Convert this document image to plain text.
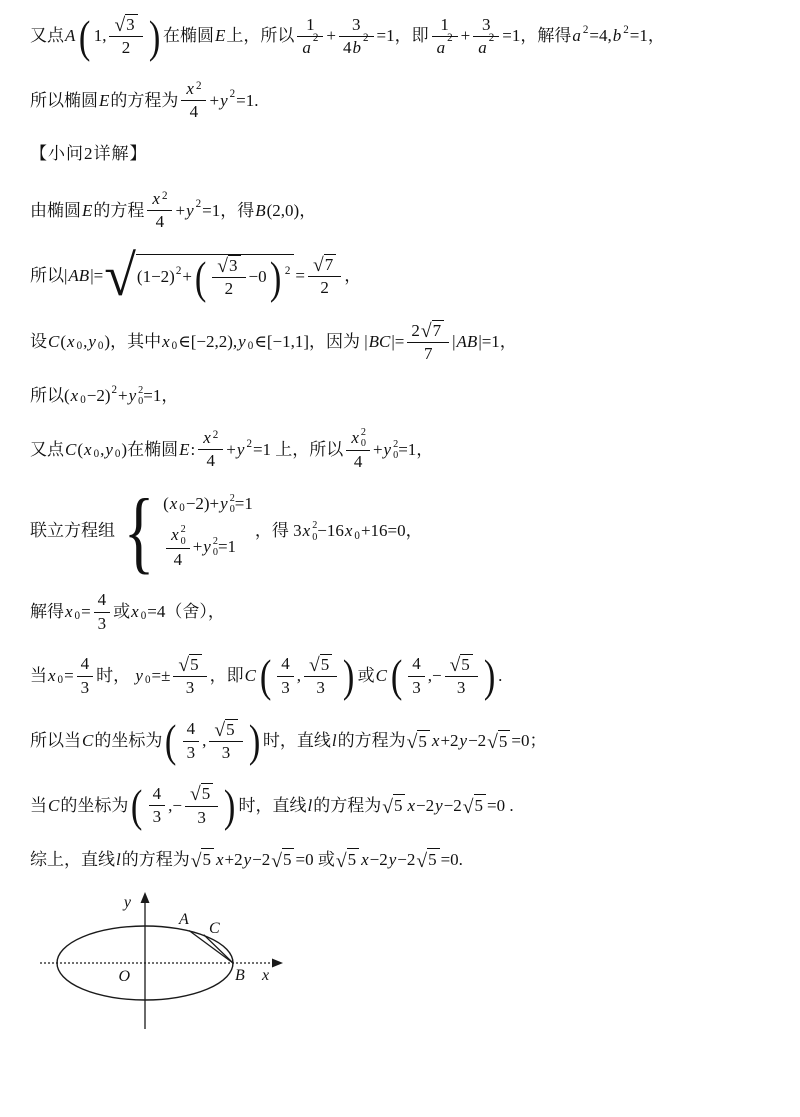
又点 A ( 1, $\frac{√ 3}{2}$ ) 在椭圆 E 上，所以 1
a
2 + 3
4 b
2 =1，即 1
a
2 + 3
a
2 =1，解得 a 2 =4, b 2 =1，
所以椭圆 E 的方程为 $\frac{x 2}{4} + y$ 2 =1.
【小问2详解】
由椭圆 E 的方程 $\frac{x 2}{4} + y$ 2 =1，得 B (2,0)，
所以 | AB |= √ (1−2) 2 + ( $\frac{√ 3}{2} -0$ ) $2 = \frac{√ 7}{2}$ ，
设 C ( x 0 , y 0 )，其中 x 0 ∈[−2,2), y 0 ∈[−1,1]，因为 | BC |= $\frac{2 √ 7}{7}$ | AB |=1，
所以 ( x 0 −2) 2 + y 2
0 =1，
又点 C ( x 0 , y 0 )在椭圆 E : $\frac{x 2}{4} + y$ 2 =1 上，所以 x 2
0
4 + y 2
0 =1，
联立方程组 { ( x 0 −2)+ y 2
0 =1
x 2
0
4 + y 2
0 =1
，得 3 x 2
0 −16 x 0 +16=0，
解得 x $0 = \frac{4}{3}$ 或 x 0 =4（舍），
当 x $0 = \frac{4}{3}$ 时， y $0 =\pm \frac{√ 5}{3}$ ，即 C ( $\frac{4}{3}$ , $\frac{√ 5}{3}$ ) 或 C ( $\frac{4}{3}$ ,− $\frac{√ 5}{3}$ ) .
所以当 C 的坐标为 ( $\frac{4}{3}$ , $\frac{√ 5}{3}$ ) 时，直线 l 的方程为 √ 5 x +2 y −2 √ 5 =0；
当 C 的坐标为 ( $\frac{4}{3}$ ,− $\frac{√ 5}{3}$ ) 时，直线 l 的方程为 √ 5 x −2 y −2 √ 5 =0 .
综上，直线 l 的方程为 √ 5 x +2 y −2 √ 5 =0 或 √ 5 x −2 y −2 √ 5 =0.
y
x
O
A
C
B
